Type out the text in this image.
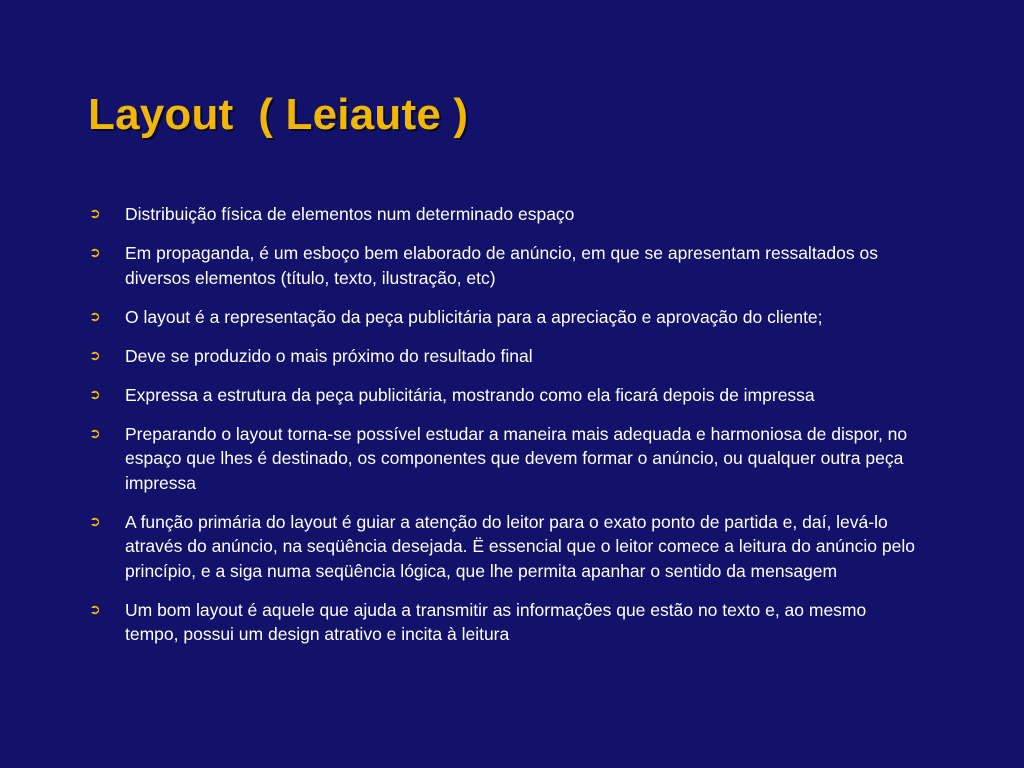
Layout  ( Leiaute )
➲	Distribuição física de elementos num determinado espaço
➲	Em propaganda, é um esboço bem elaborado de anúncio, em que se apresentam ressaltados os diversos elementos (título, texto, ilustração, etc)
➲	O layout é a representação da peça publicitária para a apreciação e aprovação do cliente;
➲	Deve se produzido o mais próximo do resultado final
➲	Expressa a estrutura da peça publicitária, mostrando como ela ficará depois de impressa
➲	Preparando o layout torna-se possível estudar a maneira mais adequada e harmoniosa de dispor, no espaço que lhes é destinado, os componentes que devem formar o anúncio, ou qualquer outra peça impressa
➲	A função primária do layout é guiar a atenção do leitor para o exato ponto de partida e, daí, levá-lo através do anúncio, na seqüência desejada. Ë essencial que o leitor comece a leitura do anúncio pelo princípio, e a siga numa seqüência lógica, que lhe permita apanhar o sentido da mensagem
➲	Um bom layout é aquele que ajuda a transmitir as informações que estão no texto e, ao mesmo tempo, possui um design atrativo e incita à leitura
